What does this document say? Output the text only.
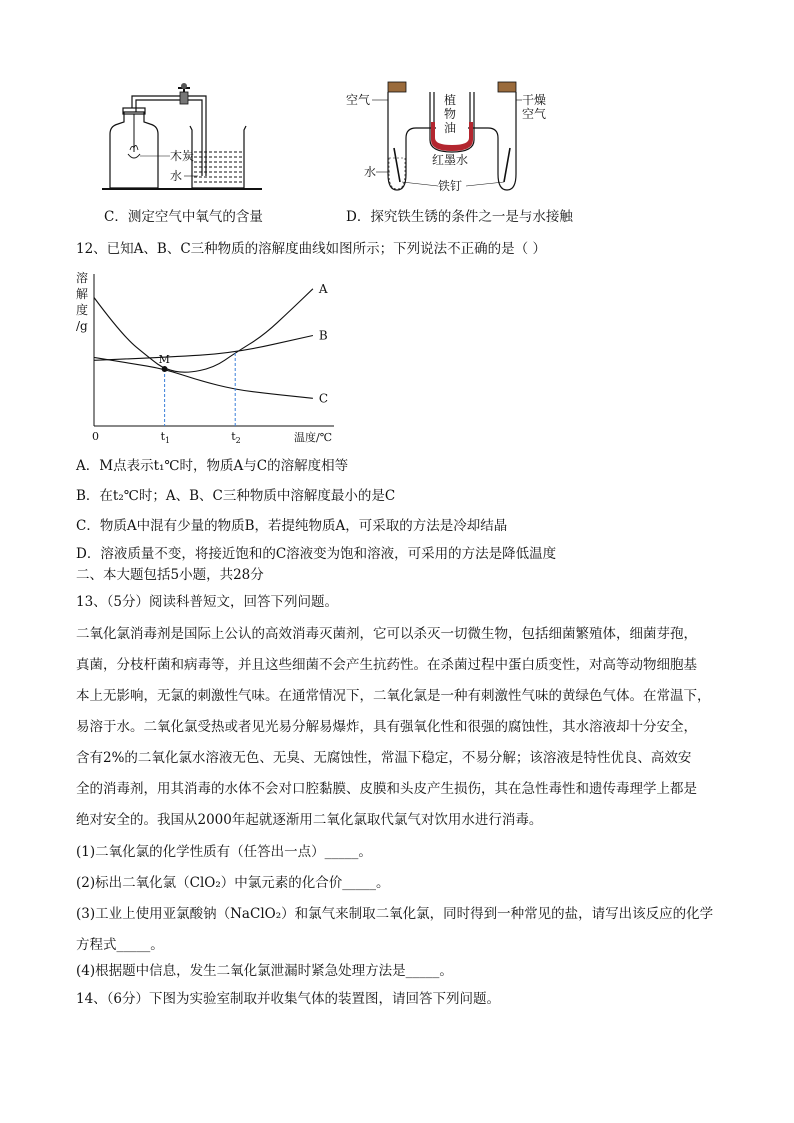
木炭
水
C．测定空气中氧气的含量
空气	植
物
油
干燥
空气
红墨水
水
铁钉
D．探究铁生锈的条件之一是与水接触
12、已知A、B、C三种物质的溶解度曲线如图所示；下列说法不正确的是（ ）
溶
解
度
/g
0	温度/℃
A
B
C
$t_1$	$t_2$
M
A．M点表示t₁℃时，物质A与C的溶解度相等
B．在t₂℃时；A、B、C三种物质中溶解度最小的是C
C．物质A中混有少量的物质B，若提纯物质A，可采取的方法是冷却结晶
D．溶液质量不变，将接近饱和的C溶液变为饱和溶液，可采用的方法是降低温度
二、本大题包括5小题，共28分
13、（5分）阅读科普短文，回答下列问题。
二氧化氯消毒剂是国际上公认的高效消毒灭菌剂，它可以杀灭一切微生物，包括细菌繁殖体，细菌芽孢，
真菌，分枝杆菌和病毒等，并且这些细菌不会产生抗药性。在杀菌过程中蛋白质变性，对高等动物细胞基
本上无影响，无氯的刺激性气味。在通常情况下，二氧化氯是一种有刺激性气味的黄绿色气体。在常温下，
易溶于水。二氧化氯受热或者见光易分解易爆炸，具有强氧化性和很强的腐蚀性，其水溶液却十分安全，
含有2%的二氧化氯水溶液无色、无臭、无腐蚀性，常温下稳定，不易分解；该溶液是特性优良、高效安
全的消毒剂，用其消毒的水体不会对口腔黏膜、皮膜和头皮产生损伤，其在急性毒性和遗传毒理学上都是
绝对安全的。我国从2000年起就逐渐用二氧化氯取代氯气对饮用水进行消毒。
(1)二氧化氯的化学性质有（任答出一点）_____。
(2)标出二氧化氯（ClO₂）中氯元素的化合价_____。
(3)工业上使用亚氯酸钠（NaClO₂）和氯气来制取二氧化氯，同时得到一种常见的盐，请写出该反应的化学
方程式_____。
(4)根据题中信息，发生二氧化氯泄漏时紧急处理方法是_____。
14、（6分）下图为实验室制取并收集气体的装置图，请回答下列问题。
